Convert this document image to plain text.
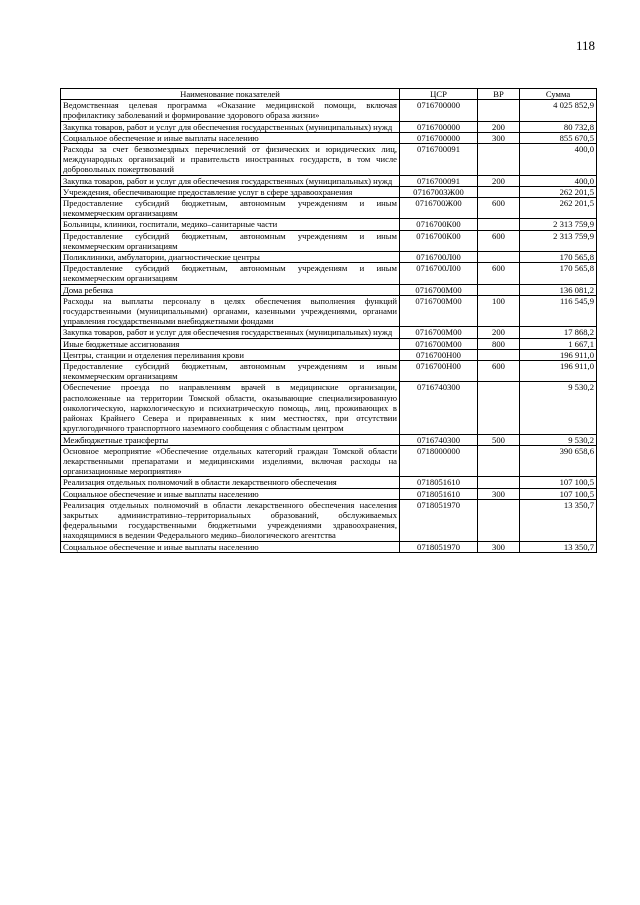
118
Наименование показателей	ЦСР	ВР	Сумма
Ведомственная целевая программа «Оказание медицинской помощи, включая профилактику заболеваний и формирование здорового образа жизни»	0716700000		4 025 852,9
Закупка товаров, работ и услуг для обеспечения государственных (муниципальных) нужд	0716700000	200	80 732,8
Социальное обеспечение и иные выплаты населению	0716700000	300	855 670,5
Расходы за счет безвозмездных перечислений от физических и юридических лиц, международных организаций и правительств иностранных государств, в том числе добровольных пожертвований	0716700091		400,0
Закупка товаров, работ и услуг для обеспечения государственных (муниципальных) нужд	0716700091	200	400,0
Учреждения, обеспечивающие предоставление услуг в сфере здравоохранения	07167003Ж00		262 201,5
Предоставление субсидий бюджетным, автономным учреждениям и иным некоммерческим организациям	0716700Ж00	600	262 201,5
Больницы, клиники, госпитали, медико–санитарные части	0716700К00		2 313 759,9
Предоставление субсидий бюджетным, автономным учреждениям и иным некоммерческим организациям	0716700К00	600	2 313 759,9
Поликлиники, амбулатории, диагностические центры	0716700Л00		170 565,8
Предоставление субсидий бюджетным, автономным учреждениям и иным некоммерческим организациям	0716700Л00	600	170 565,8
Дома ребенка	0716700М00		136 081,2
Расходы на выплаты персоналу в целях обеспечения выполнения функций государственными (муниципальными) органами, казенными учреждениями, органами управления государственными внебюджетными фондами	0716700М00	100	116 545,9
Закупка товаров, работ и услуг для обеспечения государственных (муниципальных) нужд	0716700М00	200	17 868,2
Иные бюджетные ассигнования	0716700М00	800	1 667,1
Центры, станции и отделения переливания крови	0716700Н00		196 911,0
Предоставление субсидий бюджетным, автономным учреждениям и иным некоммерческим организациям	0716700Н00	600	196 911,0
Обеспечение проезда по направлениям врачей в медицинские организации, расположенные на территории Томской области, оказывающие специализированную онкологическую, наркологическую и психиатрическую помощь, лиц, проживающих в районах Крайнего Севера и приравненных к ним местностях, при отсутствии круглогодичного транспортного наземного сообщения с областным центром	0716740300		9 530,2
Межбюджетные трансферты	0716740300	500	9 530,2
Основное мероприятие «Обеспечение отдельных категорий граждан Томской области лекарственными препаратами и медицинскими изделиями, включая расходы на организационные мероприятия»	0718000000		390 658,6
Реализация отдельных полномочий в области лекарственного обеспечения	0718051610		107 100,5
Социальное обеспечение и иные выплаты населению	0718051610	300	107 100,5
Реализация отдельных полномочий в области лекарственного обеспечения населения закрытых административно–территориальных образований, обслуживаемых федеральными государственными бюджетными учреждениями здравоохранения, находящимися в ведении Федерального медико–биологического агентства	0718051970		13 350,7
Социальное обеспечение и иные выплаты населению	0718051970	300	13 350,7
